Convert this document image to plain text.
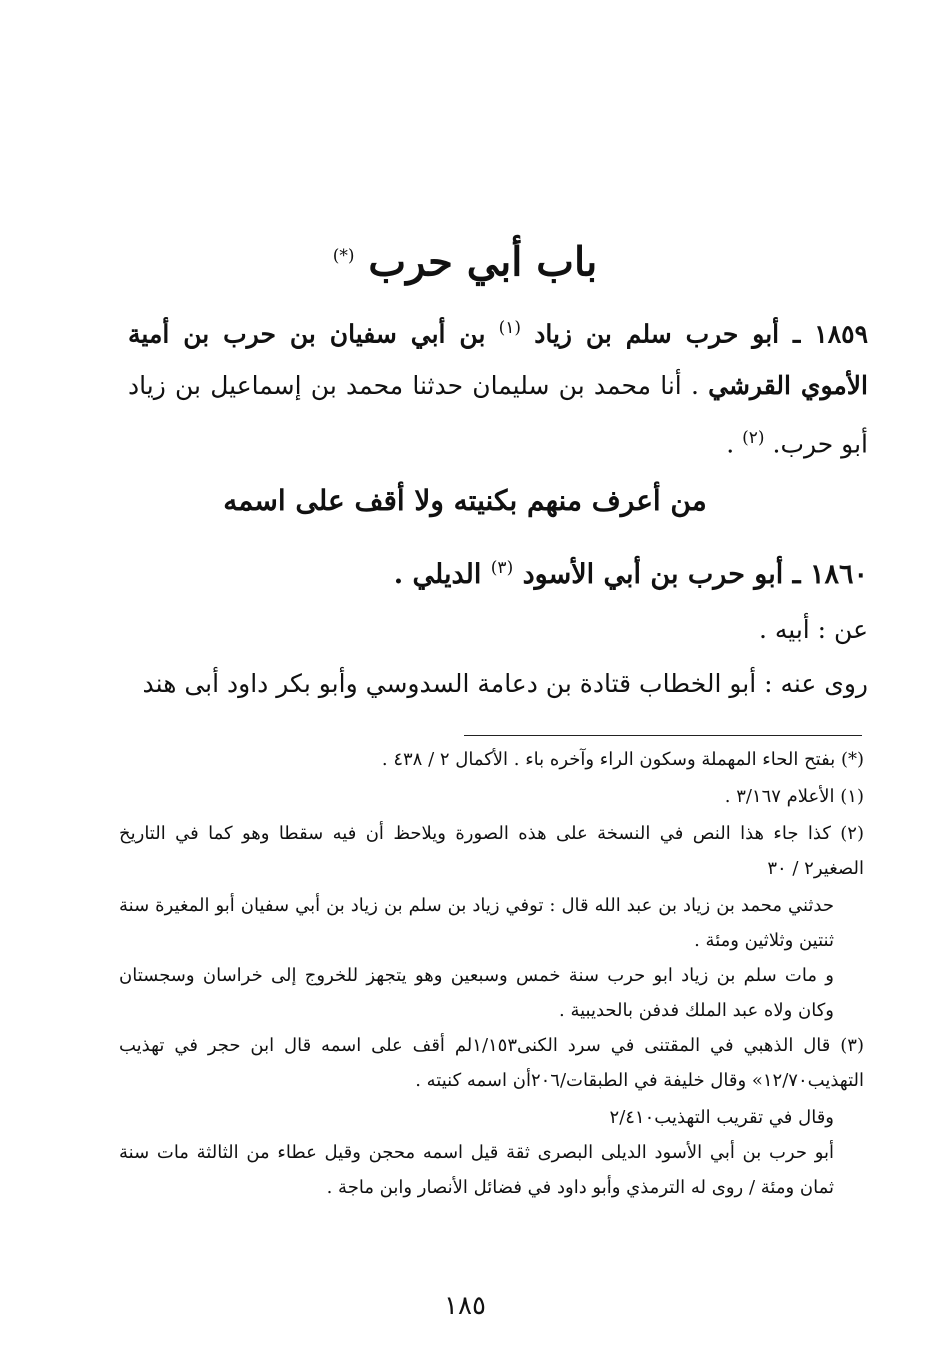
باب أبي حرب (*)
١٨٥٩ ـ أبو حرب سلم بن زياد $^{(١)}$ بن أبي سفيان بن حرب بن أمية الأموي القرشي . أنا محمد بن سليمان حدثنا محمد بن إسماعيل بن زياد أبو حرب. $^{(٢)}$ .
من أعرف منهم بكنيته ولا أقف على اسمه
١٨٦٠ ـ أبو حرب بن أبي الأسود $^{(٣)}$ الديلي .
عن : أبيه .
روى عنه : أبو الخطاب قتادة بن دعامة السدوسي وأبو بكر داود أبى هند
(*) بفتح الحاء المهملة وسكون الراء وآخره باء . الأكمال ٢ / ٤٣٨ .
(١) الأعلام ٣/١٦٧ .
(٢) كذا جاء هذا النص في النسخة على هذه الصورة ويلاحظ أن فيه سقطا وهو كما في التاريخ الصغير٢ / ٣٠
حدثني محمد بن زياد بن عبد الله قال : توفي زياد بن سلم بن زياد بن أبي سفيان أبو المغيرة سنة ثنتين وثلاثين ومئة .
و مات سلم بن زياد ابو حرب سنة خمس وسبعين وهو يتجهز للخروج إلى خراسان وسجستان وكان ولاه عبد الملك فدفن بالحديبية .
(٣) قال الذهبي في المقتنى في سرد الكنى١/١٥٣لم أقف على اسمه قال ابن حجر في تهذيب التهذيب١٢/٧٠» وقال خليفة في الطبقات/٢٠٦أن اسمه كنيته .
وقال في تقريب التهذيب٢/٤١٠
أبو حرب بن أبي الأسود الديلى البصرى ثقة قيل اسمه محجن وقيل عطاء من الثالثة مات سنة ثمان ومئة / روى له الترمذي وأبو داود في فضائل الأنصار وابن ماجة .
١٨٥
